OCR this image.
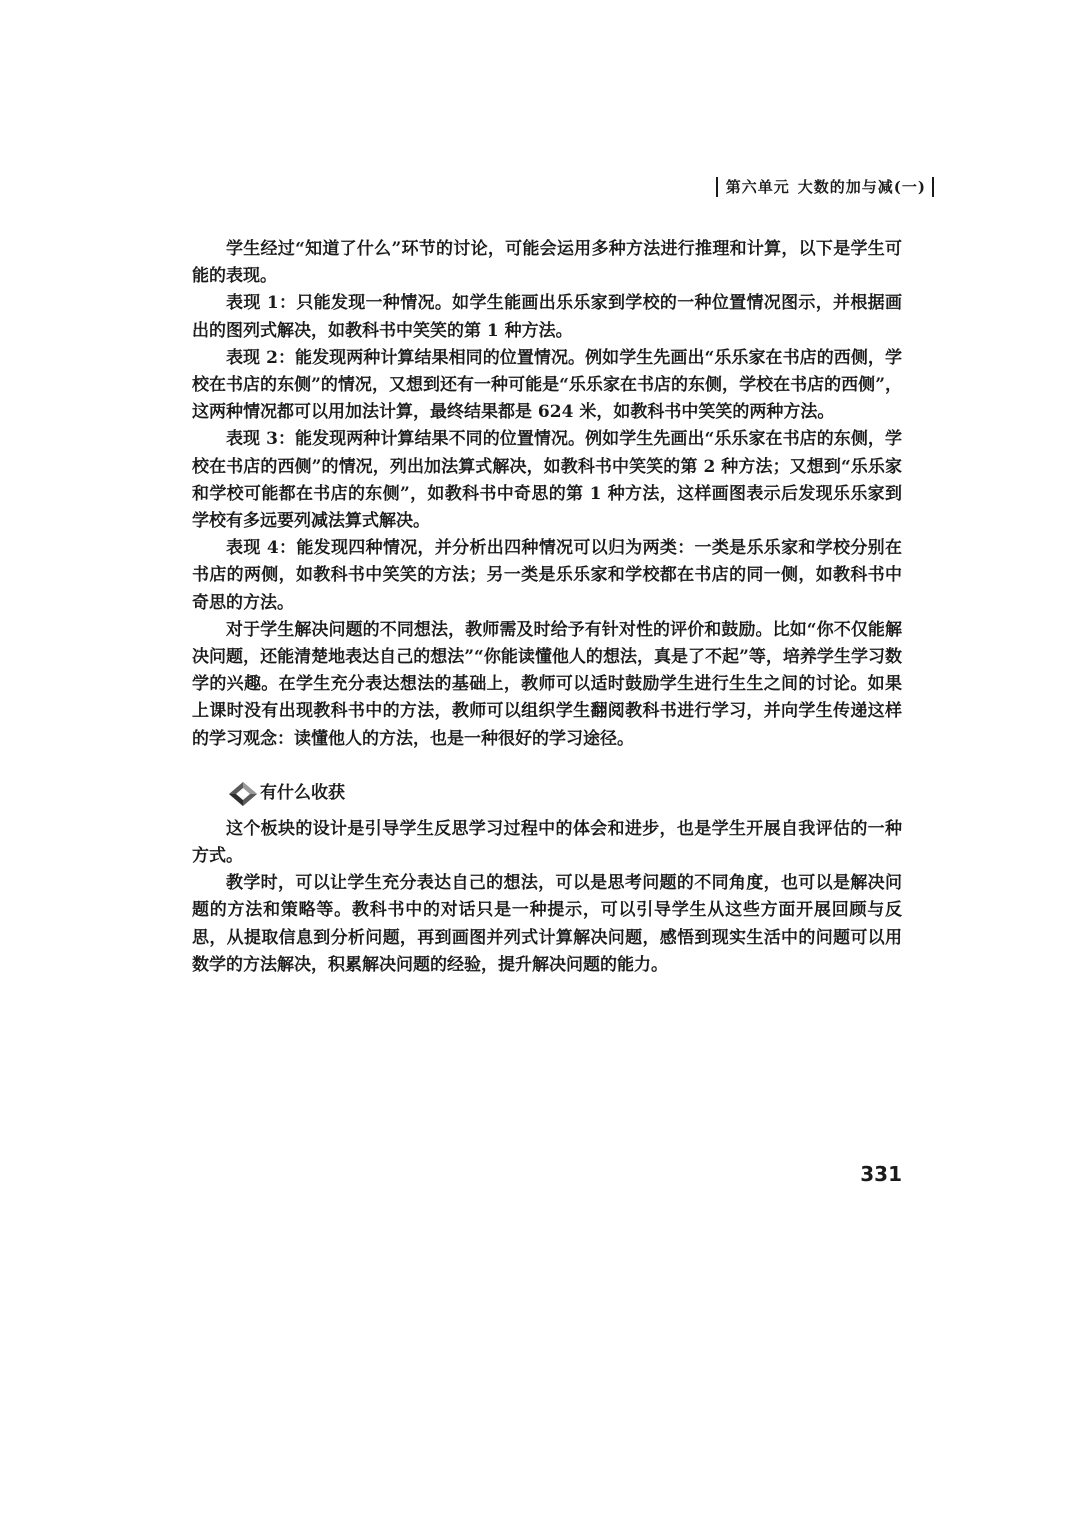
第六单元 大数的加与减(一)

学生经过“知道了什么”环节的讨论，可能会运用多种方法进行推理和计算，以下是学生可能的表现。

表现 1：只能发现一种情况。如学生能画出乐乐家到学校的一种位置情况图示，并根据画出的图列式解决，如教科书中笑笑的第 1 种方法。

表现 2：能发现两种计算结果相同的位置情况。例如学生先画出“乐乐家在书店的西侧，学校在书店的东侧”的情况，又想到还有一种可能是“乐乐家在书店的东侧，学校在书店的西侧”，这两种情况都可以用加法计算，最终结果都是 624 米，如教科书中笑笑的两种方法。

表现 3：能发现两种计算结果不同的位置情况。例如学生先画出“乐乐家在书店的东侧，学校在书店的西侧”的情况，列出加法算式解决，如教科书中笑笑的第 2 种方法；又想到“乐乐家和学校可能都在书店的东侧”，如教科书中奇思的第 1 种方法，这样画图表示后发现乐乐家到学校有多远要列减法算式解决。

表现 4：能发现四种情况，并分析出四种情况可以归为两类：一类是乐乐家和学校分别在书店的两侧，如教科书中笑笑的方法；另一类是乐乐家和学校都在书店的同一侧，如教科书中奇思的方法。

对于学生解决问题的不同想法，教师需及时给予有针对性的评价和鼓励。比如“你不仅能解决问题，还能清楚地表达自己的想法”“你能读懂他人的想法，真是了不起”等，培养学生学习数学的兴趣。在学生充分表达想法的基础上，教师可以适时鼓励学生进行生生之间的讨论。如果上课时没有出现教科书中的方法，教师可以组织学生翻阅教科书进行学习，并向学生传递这样的学习观念：读懂他人的方法，也是一种很好的学习途径。

有什么收获

这个板块的设计是引导学生反思学习过程中的体会和进步，也是学生开展自我评估的一种方式。

教学时，可以让学生充分表达自己的想法，可以是思考问题的不同角度，也可以是解决问题的方法和策略等。教科书中的对话只是一种提示，可以引导学生从这些方面开展回顾与反思，从提取信息到分析问题，再到画图并列式计算解决问题，感悟到现实生活中的问题可以用数学的方法解决，积累解决问题的经验，提升解决问题的能力。

331
